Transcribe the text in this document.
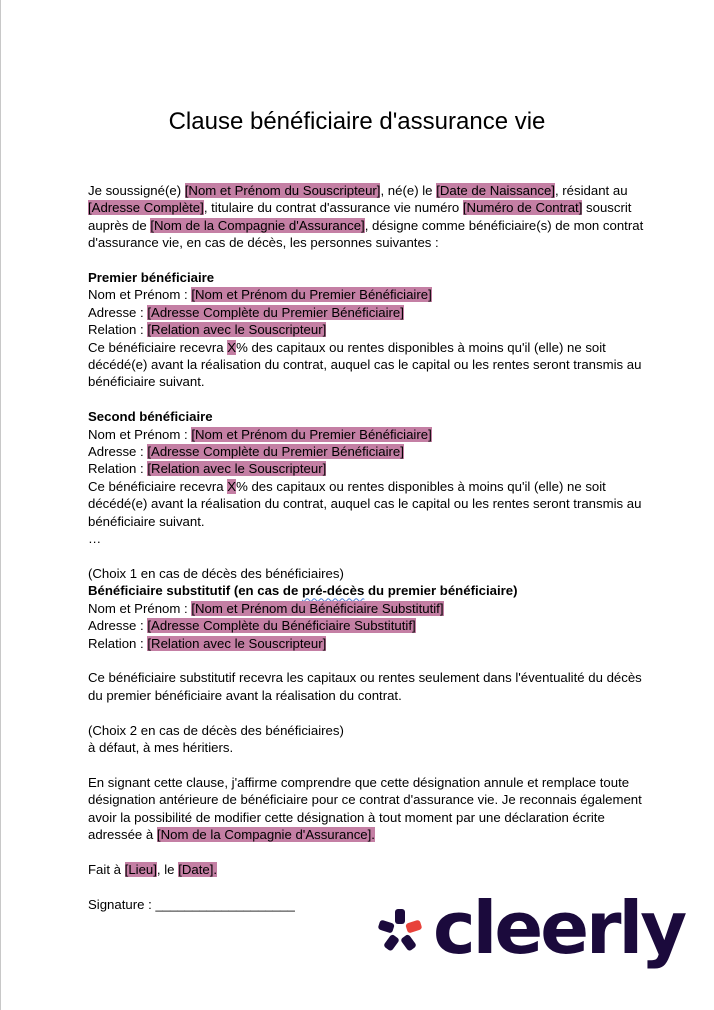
Clause bénéficiaire d'assurance vie

Je soussigné(e) [Nom et Prénom du Souscripteur], né(e) le [Date de Naissance], résidant au [Adresse Complète], titulaire du contrat d'assurance vie numéro [Numéro de Contrat] souscrit auprès de [Nom de la Compagnie d'Assurance], désigne comme bénéficiaire(s) de mon contrat d'assurance vie, en cas de décès, les personnes suivantes :

Premier bénéficiaire

Nom et Prénom : [Nom et Prénom du Premier Bénéficiaire]

Adresse : [Adresse Complète du Premier Bénéficiaire]

Relation : [Relation avec le Souscripteur]

Ce bénéficiaire recevra X% des capitaux ou rentes disponibles à moins qu'il (elle) ne soit décédé(e) avant la réalisation du contrat, auquel cas le capital ou les rentes seront transmis au bénéficiaire suivant.

Second bénéficiaire

Nom et Prénom : [Nom et Prénom du Premier Bénéficiaire]

Adresse : [Adresse Complète du Premier Bénéficiaire]

Relation : [Relation avec le Souscripteur]

Ce bénéficiaire recevra X% des capitaux ou rentes disponibles à moins qu'il (elle) ne soit décédé(e) avant la réalisation du contrat, auquel cas le capital ou les rentes seront transmis au bénéficiaire suivant.

…

(Choix 1 en cas de décès des bénéficiaires)

Bénéficiaire substitutif (en cas de pré-décès du premier bénéficiaire)

Nom et Prénom : [Nom et Prénom du Bénéficiaire Substitutif]

Adresse : [Adresse Complète du Bénéficiaire Substitutif]

Relation : [Relation avec le Souscripteur]

Ce bénéficiaire substitutif recevra les capitaux ou rentes seulement dans l'éventualité du décès du premier bénéficiaire avant la réalisation du contrat.

(Choix 2 en cas de décès des bénéficiaires)

à défaut, à mes héritiers.

En signant cette clause, j'affirme comprendre que cette désignation annule et remplace toute désignation antérieure de bénéficiaire pour ce contrat d'assurance vie. Je reconnais également avoir la possibilité de modifier cette désignation à tout moment par une déclaration écrite adressée à [Nom de la Compagnie d'Assurance].

Fait à [Lieu], le [Date].

Signature : ___________________	cleerly
